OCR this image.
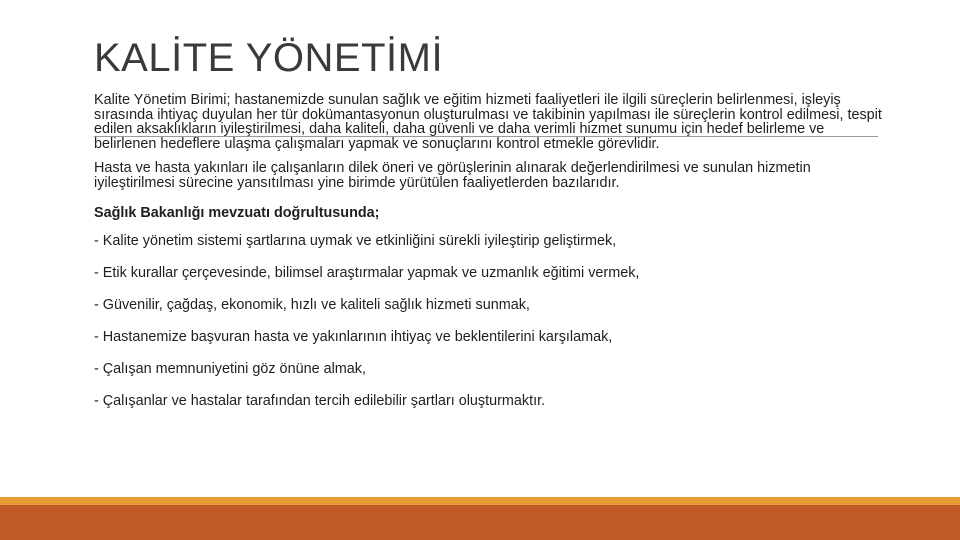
KALİTE YÖNETİMİ

Kalite Yönetim Birimi; hastanemizde sunulan sağlık ve eğitim hizmeti faaliyetleri ile ilgili süreçlerin belirlenmesi, işleyiş sırasında ihtiyaç duyulan her tür dokümantasyonun oluşturulması ve takibinin yapılması ile süreçlerin kontrol edilmesi, tespit edilen aksaklıkların iyileştirilmesi, daha kaliteli, daha güvenli ve daha verimli hizmet sunumu için hedef belirleme ve belirlenen hedeflere ulaşma çalışmaları yapmak ve sonuçlarını kontrol etmekle görevlidir.

Hasta ve hasta yakınları ile çalışanların dilek öneri ve görüşlerinin alınarak değerlendirilmesi ve sunulan hizmetin iyileştirilmesi sürecine yansıtılması yine birimde yürütülen faaliyetlerden bazılarıdır.

Sağlık Bakanlığı mevzuatı doğrultusunda;

- Kalite yönetim sistemi şartlarına uymak ve etkinliğini sürekli iyileştirip geliştirmek,

- Etik kurallar çerçevesinde, bilimsel araştırmalar yapmak ve uzmanlık eğitimi vermek,

- Güvenilir, çağdaş, ekonomik, hızlı ve kaliteli sağlık hizmeti sunmak,

- Hastanemize başvuran hasta ve yakınlarının ihtiyaç ve beklentilerini karşılamak,

- Çalışan memnuniyetini göz önüne almak,

- Çalışanlar ve hastalar tarafından tercih edilebilir şartları oluşturmaktır.
